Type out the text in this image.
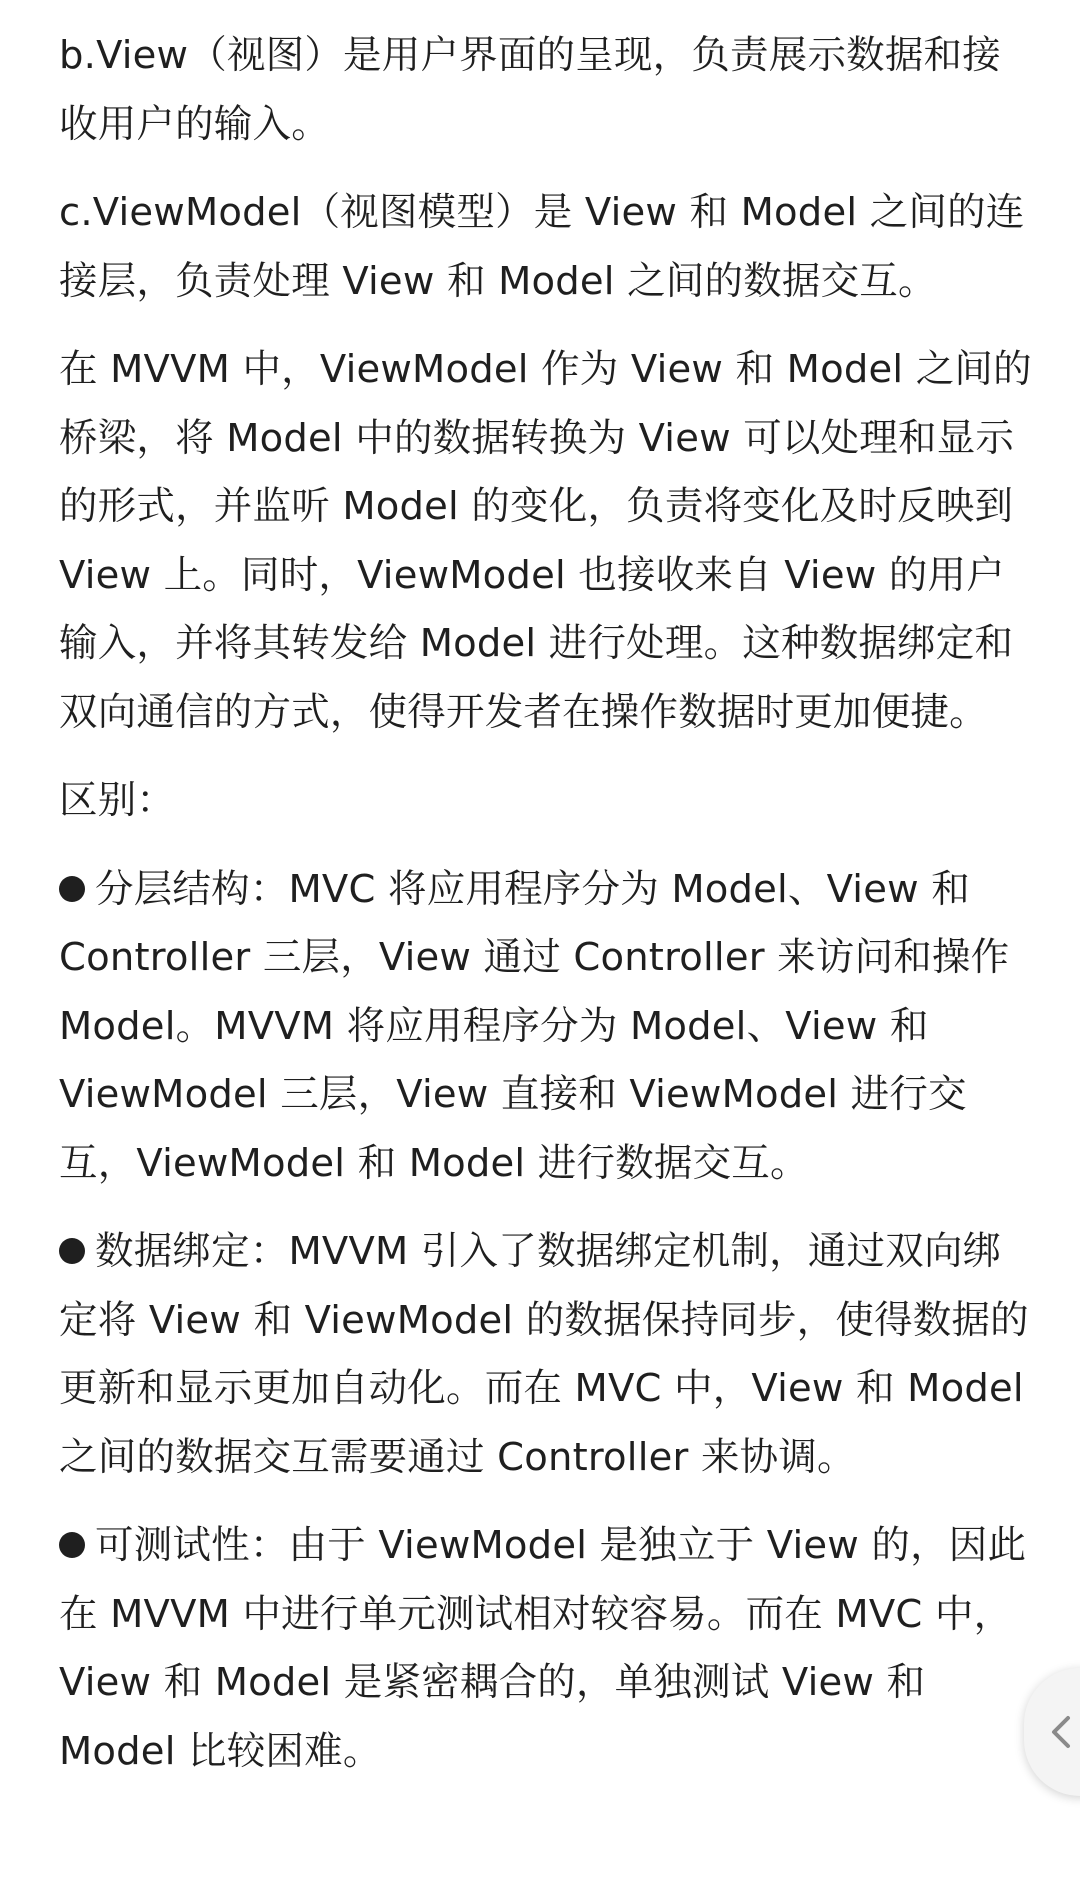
b.View（视图）是用户界面的呈现，负责展示数据和接收用户的输入。

c.ViewModel（视图模型）是 View 和 Model 之间的连接层，负责处理 View 和 Model 之间的数据交互。

在 MVVM 中，ViewModel 作为 View 和 Model 之间的桥梁，将 Model 中的数据转换为 View 可以处理和显示的形式，并监听 Model 的变化，负责将变化及时反映到 View 上。同时，ViewModel 也接收来自 View 的用户输入，并将其转发给 Model 进行处理。这种数据绑定和双向通信的方式，使得开发者在操作数据时更加便捷。

区别：

分层结构：MVC 将应用程序分为 Model、View 和 Controller 三层，View 通过 Controller 来访问和操作 Model。MVVM 将应用程序分为 Model、View 和 ViewModel 三层，View 直接和 ViewModel 进行交互，ViewModel 和 Model 进行数据交互。

数据绑定：MVVM 引入了数据绑定机制，通过双向绑定将 View 和 ViewModel 的数据保持同步，使得数据的更新和显示更加自动化。而在 MVC 中，View 和 Model 之间的数据交互需要通过 Controller 来协调。

可测试性：由于 ViewModel 是独立于 View 的，因此在 MVVM 中进行单元测试相对较容易。而在 MVC 中，View 和 Model 是紧密耦合的，单独测试 View 和 Model 比较困难。
